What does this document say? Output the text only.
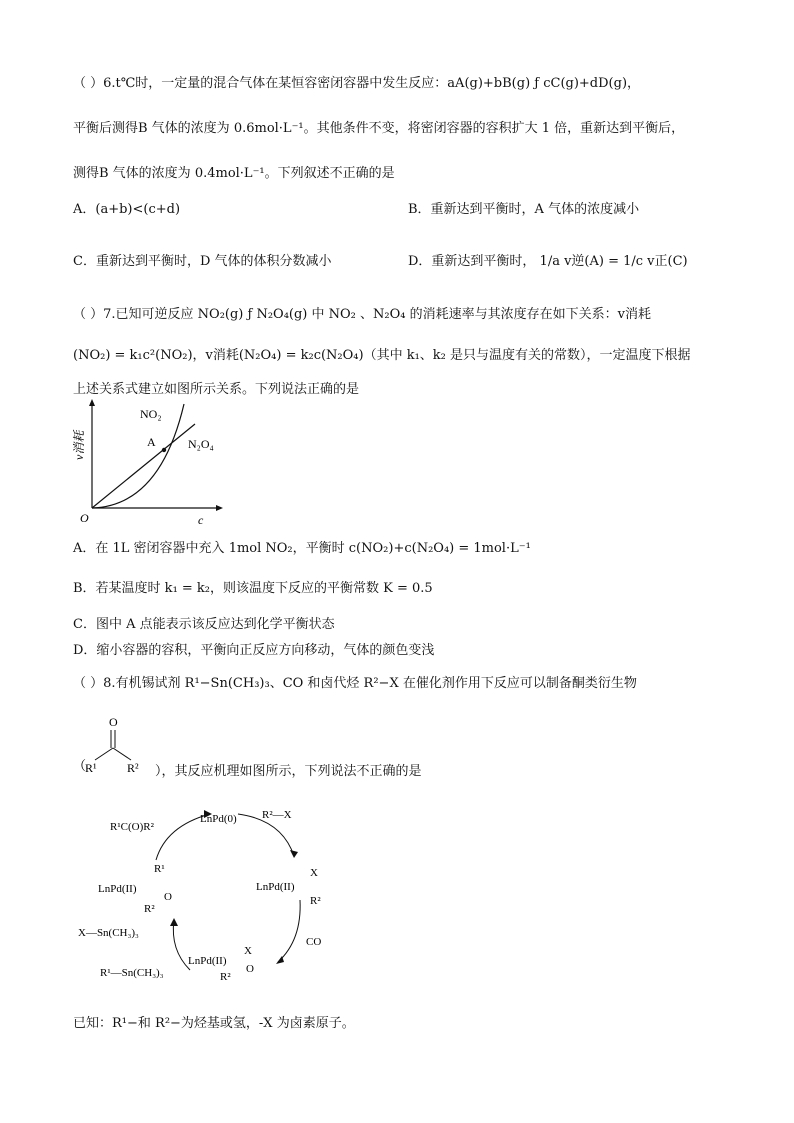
（ ）6.t℃时，一定量的混合气体在某恒容密闭容器中发生反应：aA(g)+bB(g) ƒ cC(g)+dD(g)，
平衡后测得B 气体的浓度为 0.6mol·L⁻¹。其他条件不变，将密闭容器的容积扩大 1 倍，重新达到平衡后，
测得B 气体的浓度为 0.4mol·L⁻¹。下列叙述不正确的是
A．(a+b)<(c+d)	B．重新达到平衡时，A 气体的浓度减小
C．重新达到平衡时，D 气体的体积分数减小	D．重新达到平衡时， 1/a v逆(A) = 1/c v正(C)
（ ）7.已知可逆反应 NO₂(g) ƒ N₂O₄(g) 中 NO₂ 、N₂O₄ 的消耗速率与其浓度存在如下关系：v消耗
(NO₂) = k₁c²(NO₂)，v消耗(N₂O₄) = k₂c(N₂O₄)（其中 k₁、k₂ 是只与温度有关的常数），一定温度下根据
上述关系式建立如图所示关系。下列说法正确的是
v消耗
c
O
NO₂
N₂O₄
A
A．在 1L 密闭容器中充入 1mol NO₂，平衡时 c(NO₂)+c(N₂O₄) = 1mol·L⁻¹
B．若某温度时 k₁ = k₂，则该温度下反应的平衡常数 K = 0.5
C．图中 A 点能表示该反应达到化学平衡状态
D．缩小容器的容积，平衡向正反应方向移动，气体的颜色变浅
（ ）8.有机锡试剂 R¹−Sn(CH₃)₃、CO 和卤代烃 R²−X 在催化剂作用下反应可以制备酮类衍生物
（
O
R¹	R² ），其反应机理如图所示，下列说法不正确的是
LnPd(0) R²—X
LnPd(II)
X
R²
CO
LnPd(II)
X
R²
O
R¹—Sn(CH₃)₃
X—Sn(CH₃)₃
LnPd(II)
R¹
R²
O
R¹C(O)R²
已知：R¹−和 R²−为烃基或氢，-X 为卤素原子。
